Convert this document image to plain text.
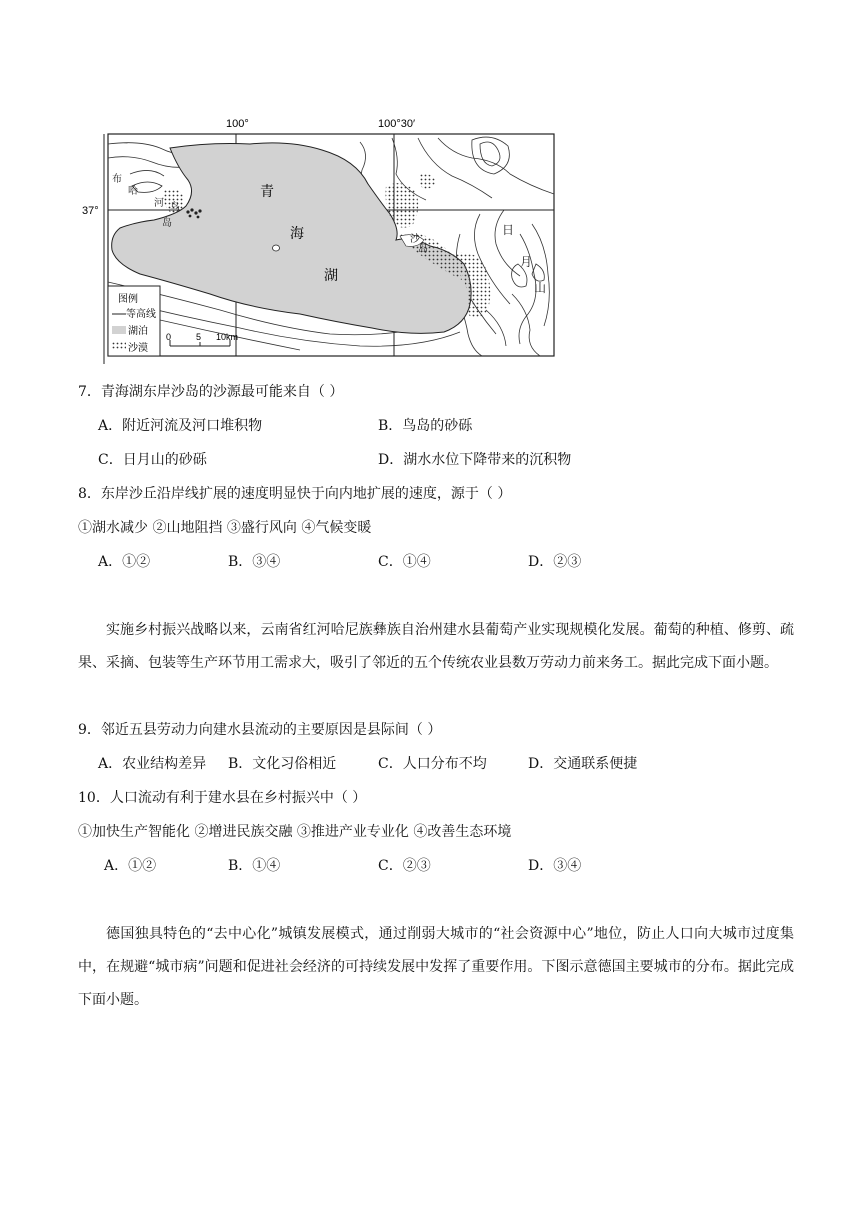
100°	100°30′
青
海
湖
37°
布
哈
河 鸟
岛
沙
岛
日
月
山
图例
等高线
湖泊
沙漠
0	5 10km
7．青海湖东岸沙岛的沙源最可能来自（ ）
A．附近河流及河口堆积物	B．鸟岛的砂砾
C．日月山的砂砾	D．湖水水位下降带来的沉积物
8．东岸沙丘沿岸线扩展的速度明显快于向内地扩展的速度，源于（ ）
①湖水减少 ②山地阻挡 ③盛行风向 ④气候变暖
A．①②	B．③④	C．①④	D．②③
实施乡村振兴战略以来，云南省红河哈尼族彝族自治州建水县葡萄产业实现规模化发展。葡萄的种植、修剪、疏果、采摘、包装等生产环节用工需求大，吸引了邻近的五个传统农业县数万劳动力前来务工。据此完成下面小题。
9．邻近五县劳动力向建水县流动的主要原因是县际间（ ）
A．农业结构差异 B．文化习俗相近	C．人口分布不均	D．交通联系便捷
10．人口流动有利于建水县在乡村振兴中（ ）
①加快生产智能化 ②增进民族交融 ③推进产业专业化 ④改善生态环境
A．①②	B．①④	C．②③	D．③④
德国独具特色的“去中心化”城镇发展模式，通过削弱大城市的“社会资源中心”地位，防止人口向大城市过度集中，在规避“城市病”问题和促进社会经济的可持续发展中发挥了重要作用。下图示意德国主要城市的分布。据此完成下面小题。
